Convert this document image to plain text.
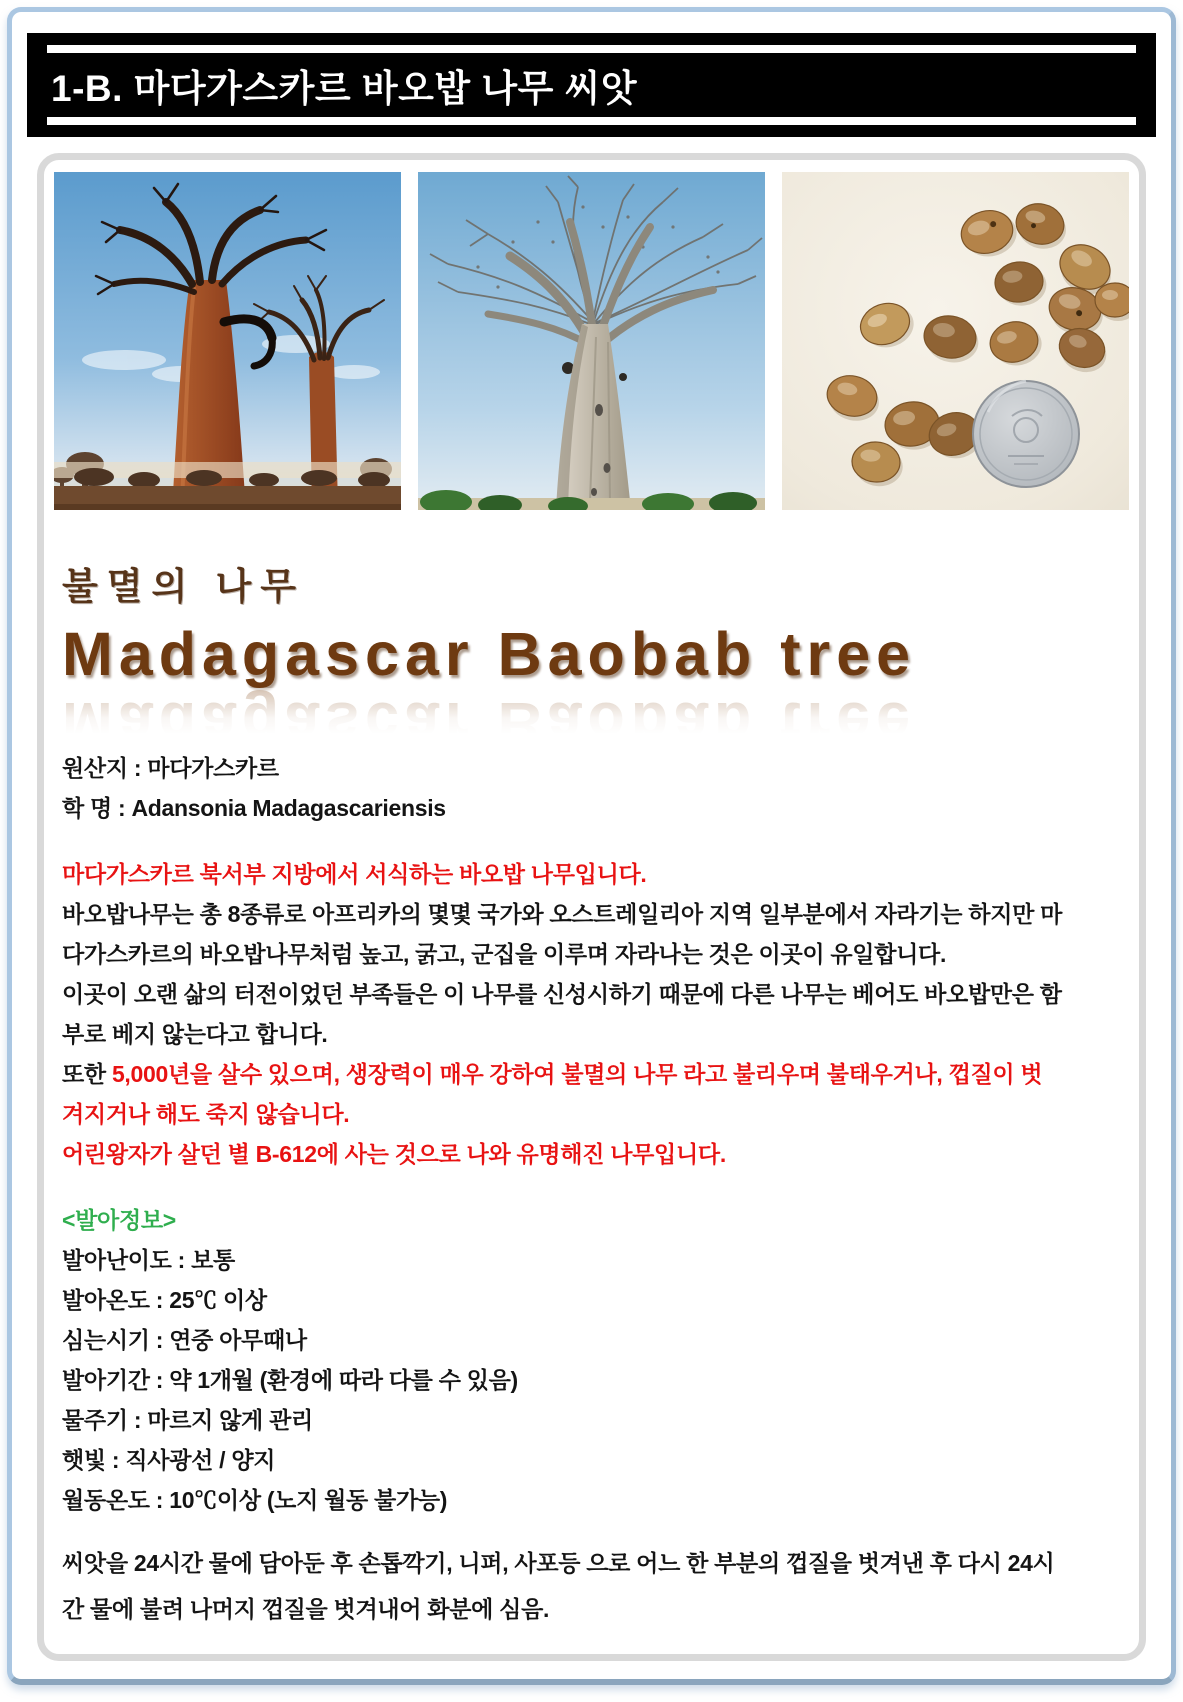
1-B. 마다가스카르 바오밥 나무 씨앗
불멸의 나무
Madagascar Baobab tree
원산지 : 마다가스카르
학 명 : Adansonia Madagascariensis
마다가스카르 북서부 지방에서 서식하는 바오밥 나무입니다.
바오밥나무는 총 8종류로 아프리카의 몇몇 국가와 오스트레일리아 지역 일부분에서 자라기는 하지만 마
다가스카르의 바오밥나무처럼 높고, 굵고, 군집을 이루며 자라나는 것은 이곳이 유일합니다.
이곳이 오랜 삶의 터전이었던 부족들은 이 나무를 신성시하기 때문에 다른 나무는 베어도 바오밥만은 함
부로 베지 않는다고 합니다.
또한 5,000년을 살수 있으며, 생장력이 매우 강하여 불멸의 나무 라고 불리우며 불태우거나, 껍질이 벗
겨지거나 해도 죽지 않습니다.
어린왕자가 살던 별 B-612에 사는 것으로 나와 유명해진 나무입니다.
<발아정보>
발아난이도 : 보통
발아온도 : 25℃ 이상
심는시기 : 연중 아무때나
발아기간 : 약 1개월 (환경에 따라 다를 수 있음)
물주기 : 마르지 않게 관리
햇빛 : 직사광선 / 양지
월동온도 : 10℃이상 (노지 월동 불가능)
씨앗을 24시간 물에 담아둔 후 손톱깍기, 니퍼, 사포등 으로 어느 한 부분의 껍질을 벗겨낸 후 다시 24시
간 물에 불려 나머지 껍질을 벗겨내어 화분에 심음.
